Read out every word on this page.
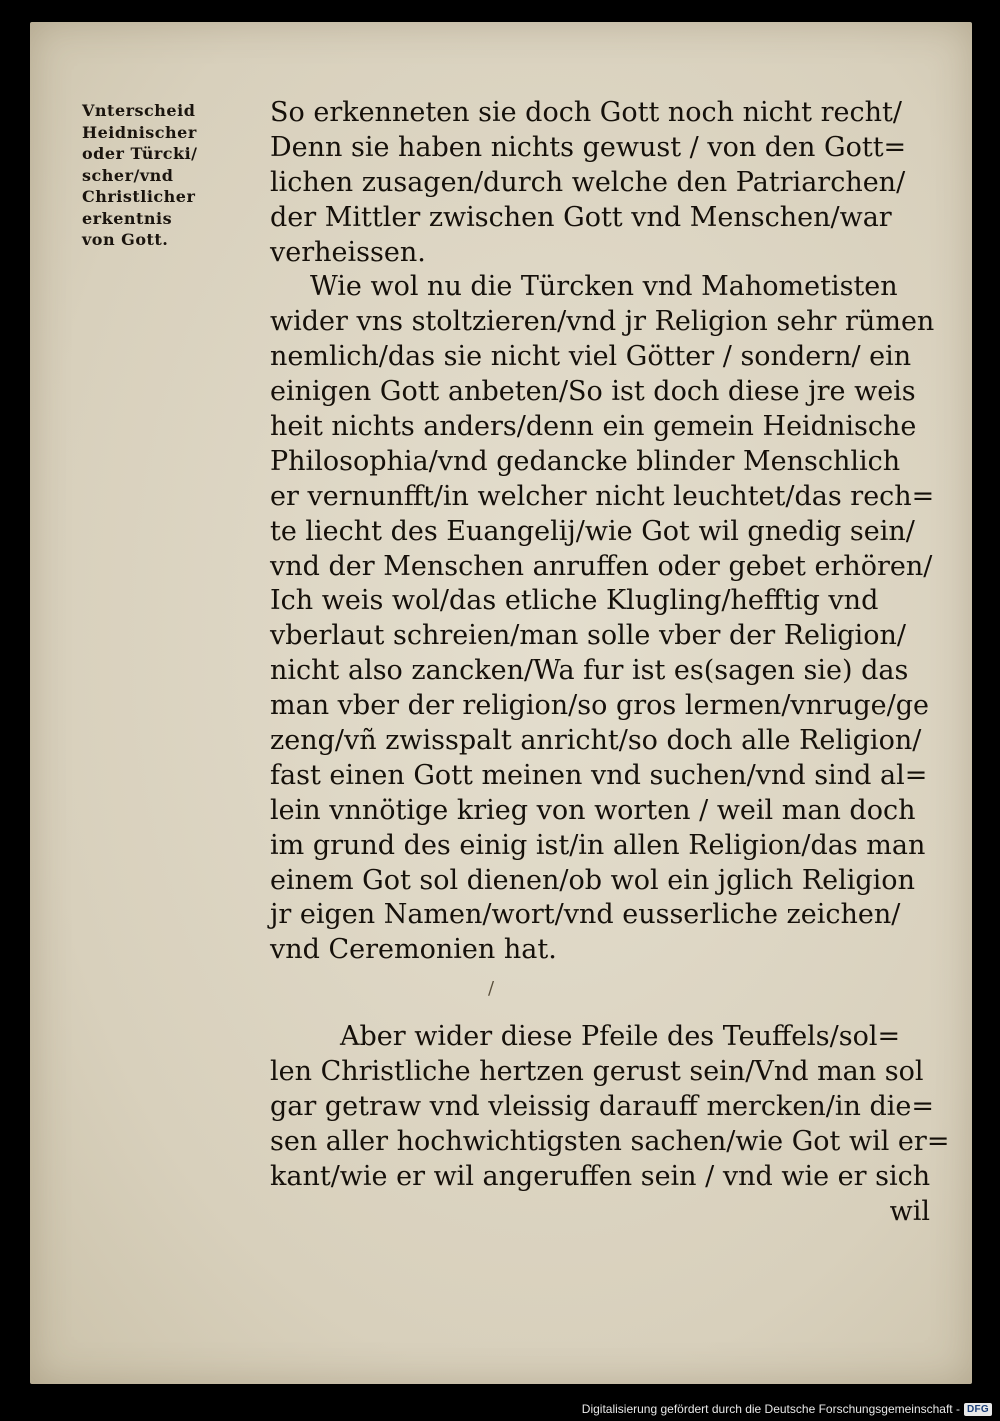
Vnterscheid
Heidnischer
oder Türcki/
scher/vnd
Christlicher
erkentnis
von Gott.
So erkenneten sie doch Gott noch nicht recht/
Denn sie haben nichts gewust / von den Gott=
lichen zusagen/durch welche den Patriarchen/
der Mittler zwischen Gott vnd Menschen/war
verheissen.
Wie wol nu die Türcken vnd Mahometisten
wider vns stoltzieren/vnd jr Religion sehr rümen
nemlich/das sie nicht viel Götter / sondern/ ein
einigen Gott anbeten/So ist doch diese jre weis
heit nichts anders/denn ein gemein Heidnische
Philosophia/vnd gedancke blinder Menschlich
er vernunfft/in welcher nicht leuchtet/das rech=
te liecht des Euangelij/wie Got wil gnedig sein/
vnd der Menschen anruffen oder gebet erhören/
Ich weis wol/das etliche Klugling/hefftig vnd
vberlaut schreien/man solle vber der Religion/
nicht also zancken/Wa fur ist es(sagen sie) das
man vber der religion/so gros lermen/vnruge/ge
zeng/vñ zwisspalt anricht/so doch alle Religion/
fast einen Gott meinen vnd suchen/vnd sind al=
lein vnnötige krieg von worten / weil man doch
im grund des einig ist/in allen Religion/das man
einem Got sol dienen/ob wol ein jglich Religion
jr eigen Namen/wort/vnd eusserliche zeichen/
vnd Ceremonien hat.
/
Aber wider diese Pfeile des Teuffels/sol=
len Christliche hertzen gerust sein/Vnd man sol
gar getraw vnd vleissig darauff mercken/in die=
sen aller hochwichtigsten sachen/wie Got wil er=
kant/wie er wil angeruffen sein / vnd wie er sich
wil
Digitalisierung gefördert durch die Deutsche Forschungsgemeinschaft - DFG
